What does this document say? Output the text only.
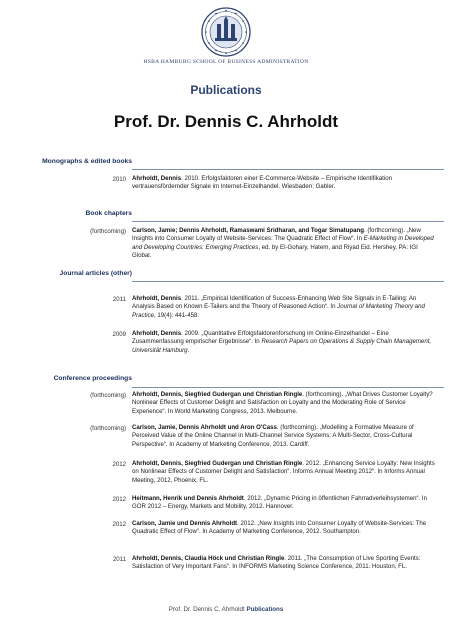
HSBA HAMBURG SCHOOL OF BUSINESS ADMINISTRATION
Publications
Prof. Dr. Dennis C. Ahrholdt
Monographs & edited books
2010 Ahrholdt, Dennis. 2010. Erfolgsfaktoren einer E-Commerce-Website – Empirische Identifikation vertrauensfördernder Signale im Internet-Einzelhandel. Wiesbaden: Gabler.
Book chapters
(forthcoming) Carlson, Jamie; Dennis Ahrholdt, Ramaswami Sridharan, and Togar Simatupang. (forthcoming). „New Insights into Consumer Loyalty of Website-Services: The Quadratic Effect of Flow“. In E-Marketing in Developed and Developing Countries: Emerging Practices, ed. by El-Gohary, Hatem, and Riyad Eid. Hershey, PA: IGI Global.
Journal articles (other)
2011 Ahrholdt, Dennis. 2011. „Empirical Identification of Success-Enhancing Web Site Signals in E-Tailing: An Analysis Based on Known E-Tailers and the Theory of Reasoned Action“. In Journal of Marketing Theory and Practice, 19(4): 441-458.
2009 Ahrholdt, Dennis. 2009. „Quantitative Erfolgsfaktorenforschung im Online-Einzelhandel – Eine Zusammenfassung empirischer Ergebnisse“. In Research Papers on Operations & Supply Chain Management, Universität Hamburg.
Conference proceedings
(forthcoming) Ahrholdt, Dennis, Siegfried Gudergan und Christian Ringle. (forthcoming). „What Drives Customer Loyalty? Nonlinear Effects of Customer Delight and Satisfaction on Loyalty and the Moderating Role of Service Experience“. In World Marketing Congress, 2013. Melbourne.
(forthcoming) Carlson, Jamie, Dennis Ahrholdt und Aron O'Cass. (forthcoming). „Modelling a Formative Measure of Perceived Value of the Online Channel in Multi-Channel Service Systems: A Multi-Sector, Cross-Cultural Perspective“. In Academy of Marketing Conference, 2013. Cardiff.
2012 Ahrholdt, Dennis, Siegfried Gudergan und Christian Ringle. 2012. „Enhancing Service Loyalty: New Insights on Nonlinear Effects of Customer Delight and Satisfaction“. Informs Annual Meeting 2012“. In Informs Annual Meeting, 2012, Phoenix, FL.
2012 Heitmann, Henrik und Dennis Ahrholdt. 2012. „Dynamic Pricing in öffentlichen Fahrradverleihsystemen“. In GOR 2012 – Energy, Markets and Mobility, 2012. Hannover.
2012 Carlson, Jamie und Dennis Ahrholdt. 2012. „New Insights into Consumer Loyalty of Website-Services: The Quadratic Effect of Flow“. In Academy of Marketing Conference, 2012. Southampton.
2011 Ahrholdt, Dennis, Claudia Höck und Christian Ringle. 2011. „The Consumption of Live Sporting Events: Satisfaction of Very Important Fans“. In INFORMS Marketing Science Conference, 2011. Houston, FL.
Prof. Dr. Dennis C. Ahrholdt Publications
